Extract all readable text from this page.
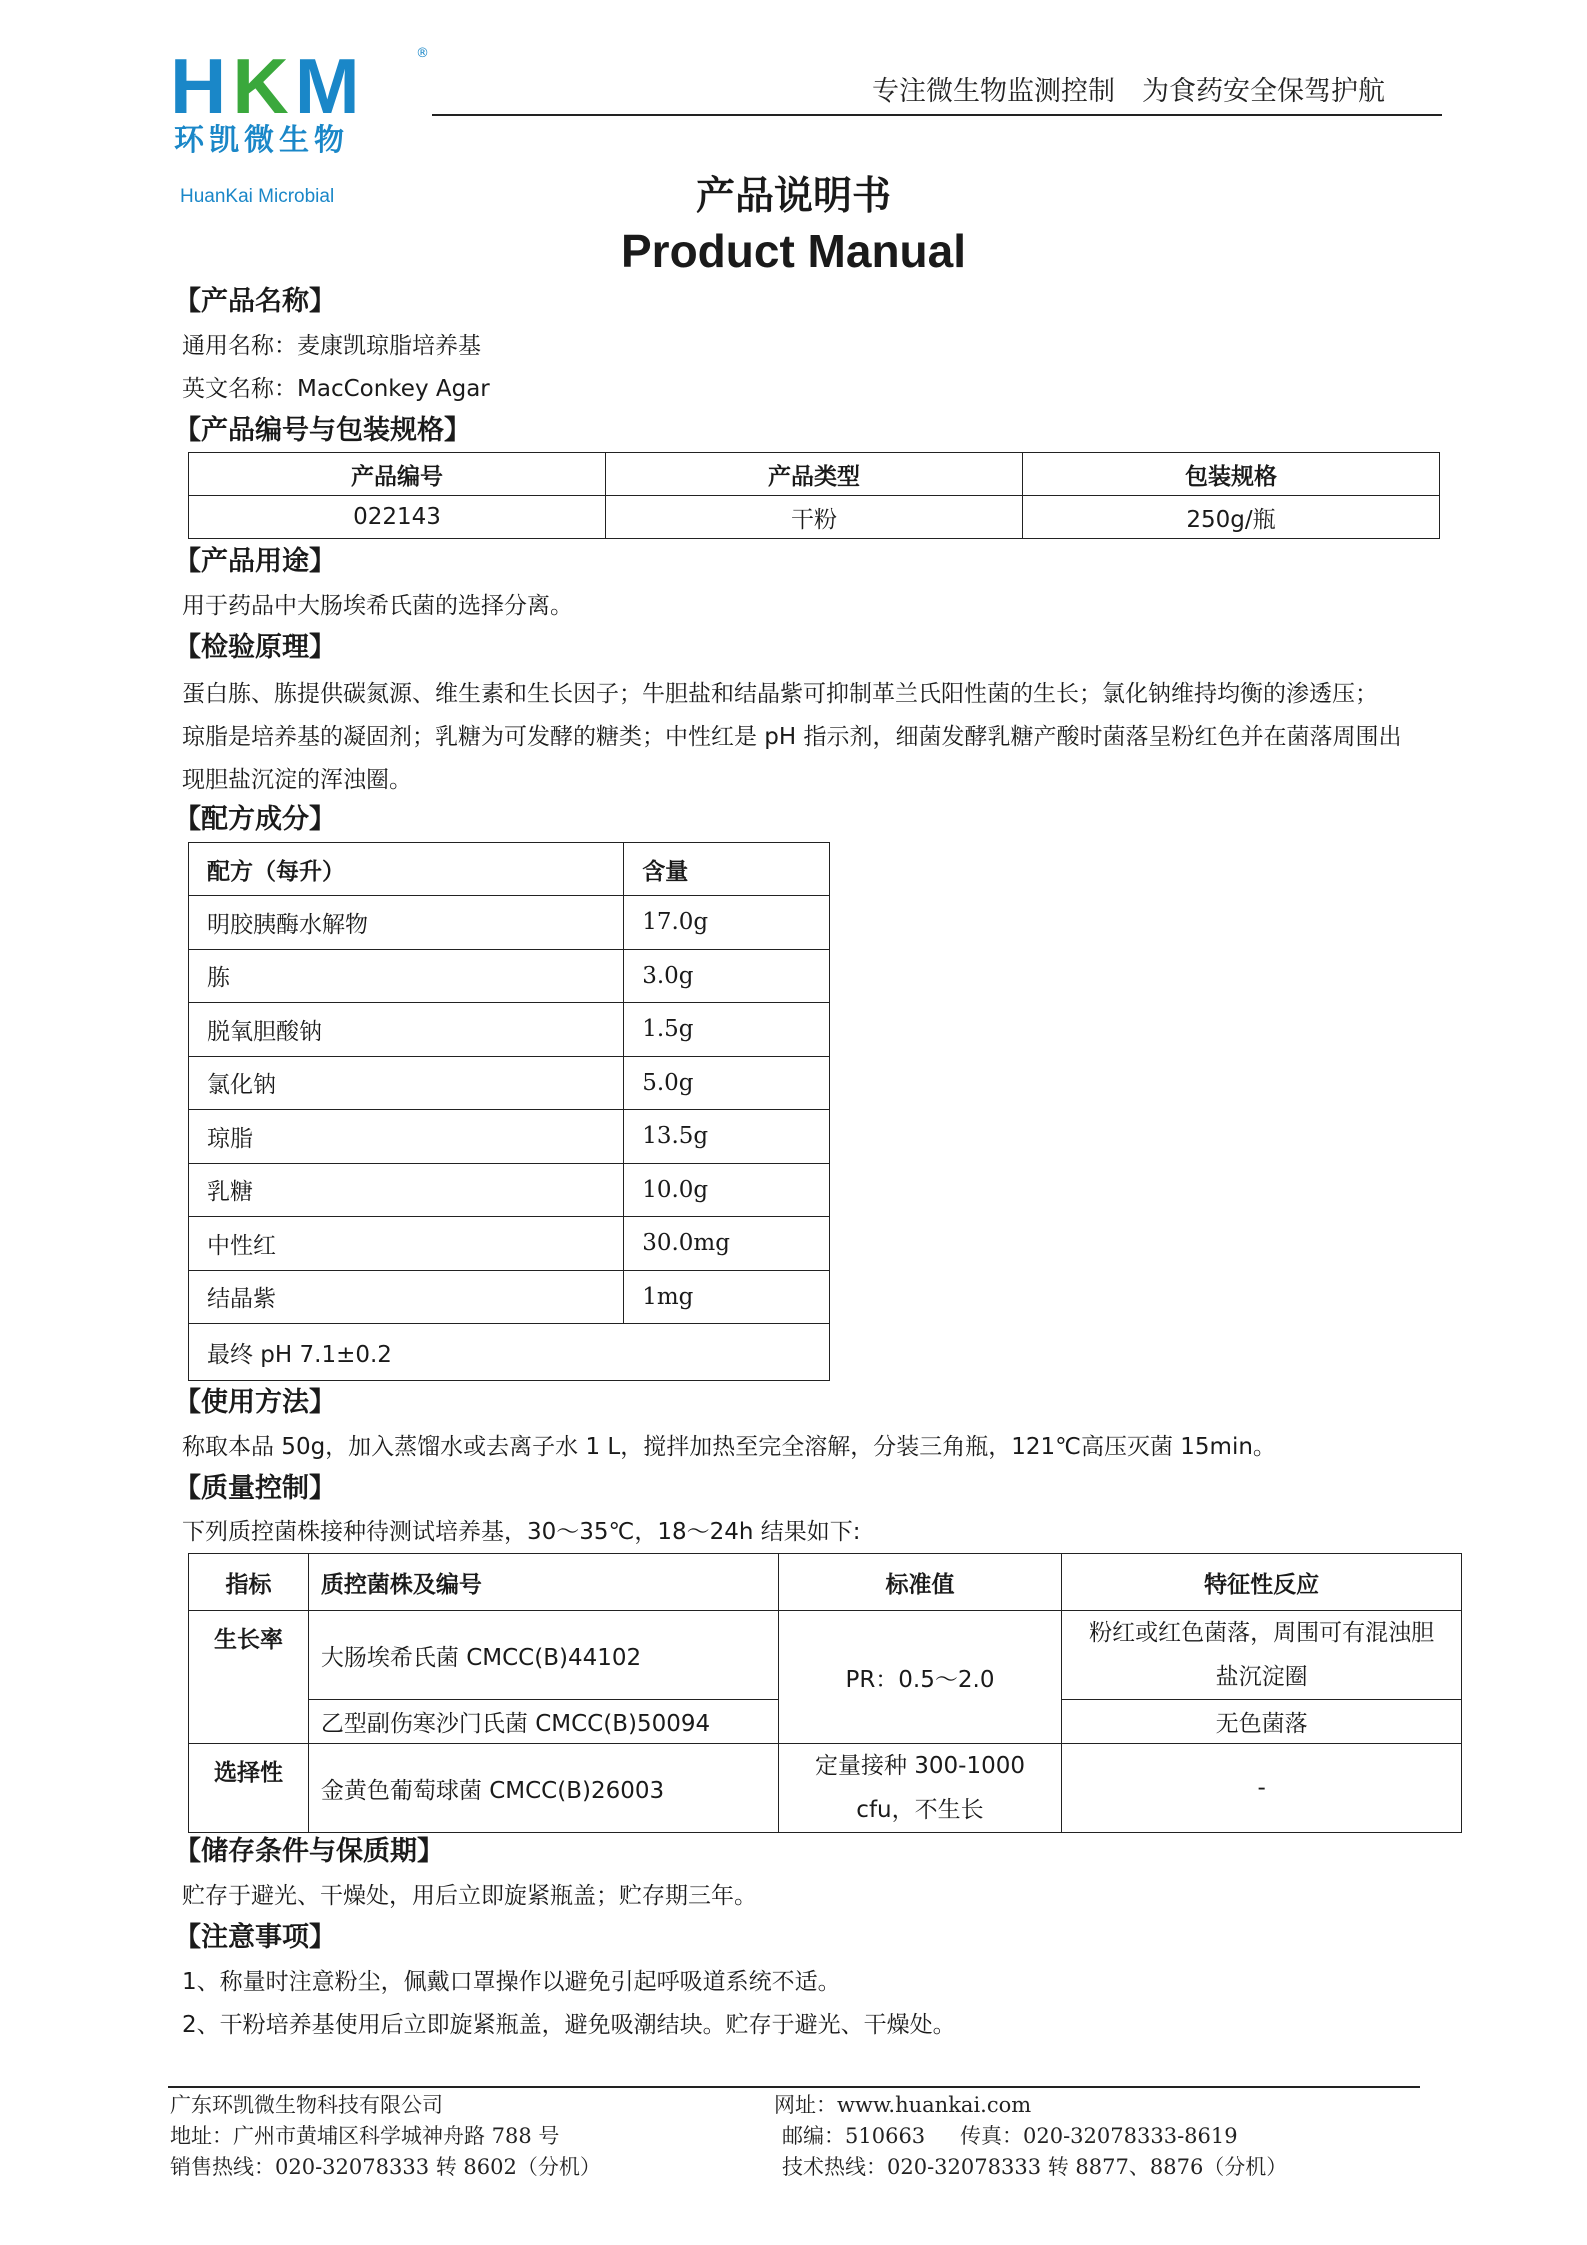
HKM	®
环凯微生物
HuanKai Microbial
专注微生物监测控制　为食药安全保驾护航
产品说明书
Product Manual
【产品名称】
通用名称：麦康凯琼脂培养基
英文名称：MacConkey Agar
【产品编号与包装规格】
产品编号	产品类型	包装规格
022143	干粉	250g/瓶
【产品用途】
用于药品中大肠埃希氏菌的选择分离。
【检验原理】
蛋白胨、胨提供碳氮源、维生素和生长因子；牛胆盐和结晶紫可抑制革兰氏阳性菌的生长；氯化钠维持均衡的渗透压；
琼脂是培养基的凝固剂；乳糖为可发酵的糖类；中性红是 pH 指示剂，细菌发酵乳糖产酸时菌落呈粉红色并在菌落周围出
现胆盐沉淀的浑浊圈。
【配方成分】
配方（每升）	含量
明胶胰酶水解物	17.0g
胨	3.0g
脱氧胆酸钠	1.5g
氯化钠	5.0g
琼脂	13.5g
乳糖	10.0g
中性红	30.0mg
结晶紫	1mg
最终 pH 7.1±0.2	
【使用方法】
称取本品 50g，加入蒸馏水或去离子水 1 L，搅拌加热至完全溶解，分装三角瓶，121℃高压灭菌 15min。
【质量控制】
下列质控菌株接种待测试培养基，30～35℃，18～24h 结果如下:
指标	质控菌株及编号	标准值	特征性反应
生长率	大肠埃希氏菌 CMCC(B)44102	PR：0.5～2.0	粉红或红色菌落，周围可有混浊胆
盐沉淀圈

	乙型副伤寒沙门氏菌 CMCC(B)50094		无色菌落
选择性	金黄色葡萄球菌 CMCC(B)26003	定量接种 300-1000
cfu，不生长	-
【储存条件与保质期】
贮存于避光、干燥处，用后立即旋紧瓶盖；贮存期三年。
【注意事项】
1、称量时注意粉尘，佩戴口罩操作以避免引起呼吸道系统不适。
2、干粉培养基使用后立即旋紧瓶盖，避免吸潮结块。贮存于避光、干燥处。
广东环凯微生物科技有限公司
地址：广州市黄埔区科学城神舟路 788 号
销售热线：020-32078333 转 8602（分机）
网址：www.huankai.com
邮编：510663 传真：020-32078333-8619
技术热线：020-32078333 转 8877、8876（分机）
